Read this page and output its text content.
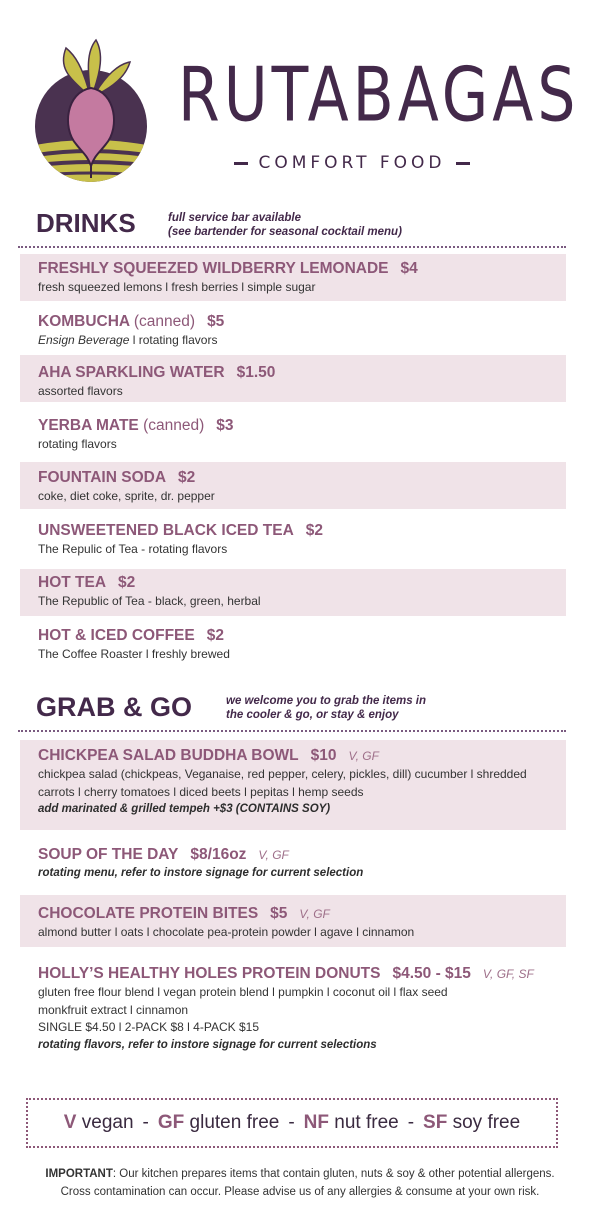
RUTABAGAS
COMFORT FOOD
DRINKS	full service bar available
(see bartender for seasonal cocktail menu)

FRESHLY SQUEEZED WILDBERRY LEMONADE $4

fresh squeezed lemons l fresh berries l simple sugar

KOMBUCHA (canned) $5

Ensign Beverage l rotating flavors

AHA SPARKLING WATER $1.50

assorted flavors

YERBA MATE (canned) $3

rotating flavors

FOUNTAIN SODA $2

coke, diet coke, sprite, dr. pepper

UNSWEETENED BLACK ICED TEA $2

The Repulic of Tea - rotating flavors

HOT TEA $2

The Republic of Tea - black, green, herbal

HOT & ICED COFFEE $2

The Coffee Roaster l freshly brewed

GRAB & GO	we welcome you to grab the items in
the cooler & go, or stay & enjoy

CHICKPEA SALAD BUDDHA BOWL $10 V, GF

chickpea salad (chickpeas, Veganaise, red pepper, celery, pickles, dill) cucumber l shredded

carrots l cherry tomatoes l diced beets l pepitas l hemp seeds

add marinated & grilled tempeh +$3 (CONTAINS SOY)

SOUP OF THE DAY $8/16oz V, GF

rotating menu, refer to instore signage for current selection

CHOCOLATE PROTEIN BITES $5 V, GF

almond butter l oats l chocolate pea-protein powder l agave l cinnamon

HOLLY’S HEALTHY HOLES PROTEIN DONUTS $4.50 - $15 V, GF, SF

gluten free flour blend l vegan protein blend l pumpkin l coconut oil l flax seed

monkfruit extract l cinnamon

SINGLE $4.50 l 2-PACK $8 l 4-PACK $15

rotating flavors, refer to instore signage for current selections

V
vegan - GF
gluten free - NF
nut free - SF
soy free
IMPORTANT: Our kitchen prepares items that contain gluten, nuts & soy & other potential allergens.
Cross contamination can occur. Please advise us of any allergies & consume at your own risk.
